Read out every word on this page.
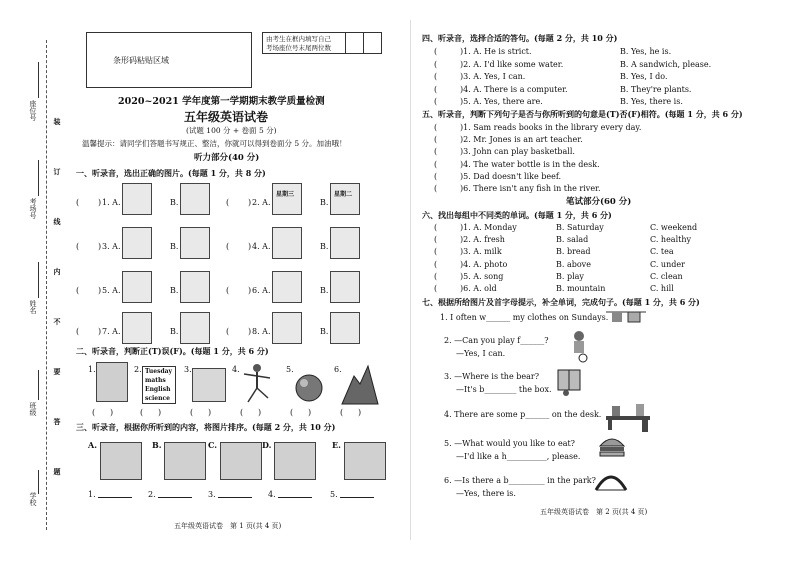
学校
班级
姓名
考场号
座位号
装
订
线
内
不
要
答
题
条形码粘贴区域
由考生在框内填写自己
考场座位号末尾两位数
2020~2021 学年度第一学期期末教学质量检测
五年级英语试卷
(试题 100 分 + 卷面 5 分)
温馨提示：请同学们答题书写规正、整洁，你就可以得到卷面分 5 分。加油哦！
听力部分(40 分)
一、听录音，选出正确的图片。(每题 1 分，共 8 分)
( ) 1. A.	B.	( ) 2. A.	B.
星期三	星期二
( ) 3. A.	B.	( ) 4. A.	B.
( ) 5. A.	B.	( ) 6. A.	B.
( ) 7. A.	B.	( ) 8. A.	B.
二、听录音，判断正(T)误(F)。(每题 1 分，共 6 分)
1.	2. Tuesday
maths
English
science
3.	4.	5.	6.
( )	( )	( )	( )	( )	( )
三、听录音，根据你所听到的内容，将图片排序。(每题 2 分，共 10 分)
A.	B.	C.	D.	E.
1.	2.	3.	4.	5.
五年级英语试卷　第 1 页(共 4 页)
四、听录音，选择合适的答句。(每题 2 分，共 10 分)
(	)1. A. He is strict.	B. Yes, he is.
(	)2. A. I'd like some water.	B. A sandwich, please.
(	)3. A. Yes, I can.	B. Yes, I do.
(	)4. A. There is a computer.	B. They're plants.
(	)5. A. Yes, there are.	B. Yes, there is.
五、听录音，判断下列句子是否与你所听到的句意是(T)否(F)相符。(每题 1 分，共 6 分)
(	)1. Sam reads books in the library every day.
(	)2. Mr. Jones is an art teacher.
(	)3. John can play basketball.
(	)4. The water bottle is in the desk.
(	)5. Dad doesn't like beef.
(	)6. There isn't any fish in the river.
笔试部分(60 分)
六、找出每组中不同类的单词。(每题 1 分，共 6 分)
(	)1. A. Monday	B. Saturday	C. weekend
(	)2. A. fresh	B. salad	C. healthy
(	)3. A. milk	B. bread	C. tea
(	)4. A. photo	B. above	C. under
(	)5. A. song	B. play	C. clean
(	)6. A. old	B. mountain	C. hill
七、根据所给图片及首字母提示，补全单词，完成句子。(每题 1 分，共 6 分)
1. I often w______ my clothes on Sundays.
2. —Can you play f______?
—Yes, I can.
3. —Where is the bear?
—It's b________ the box.
4. There are some p______ on the desk.
5. —What would you like to eat?
—I'd like a h__________, please.
6. —Is there a b_________ in the park?
—Yes, there is.
五年级英语试卷　第 2 页(共 4 页)
